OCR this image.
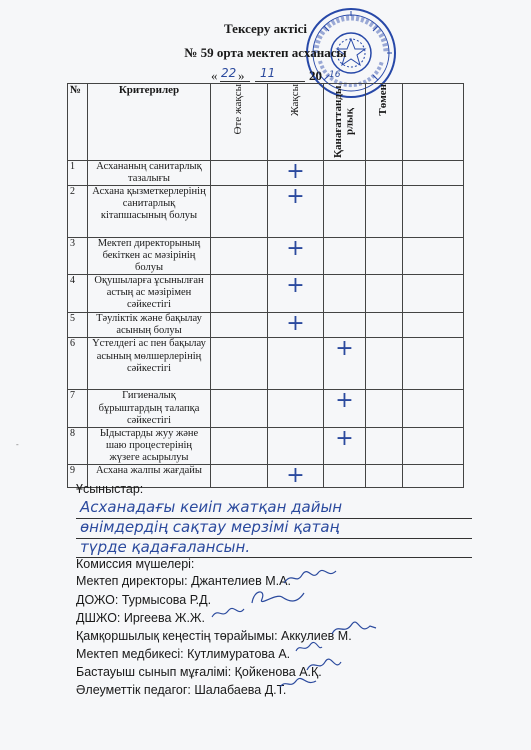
Тексеру актісі
№ 59 орта мектеп асханасы
« 22 » 11	20 16
№	Критерилер	Өте жақсы	Жақсы	Қанағаттанды рлық	Төмен	

1	Асхананың санитарлық тазалығы		+			

2	Асхана қызметкерлерінің санитарлық кітапшасының болуы		+			

3	Мектеп директорының бекіткен ас мәзірінің болуы		+			

4	Оқушыларға ұсынылған астың ас мәзірімен сәйкестігі		+			

5	Тәуліктік және бақылау асының болуы		+			

6	Үстелдегі ас пен бақылау асының мөлшерлерінің сәйкестігі			+		

7	Гигиеналық бұрыштардың талапқа сәйкестігі			+		

8	Ыдыстарды жуу және шаю процестерінің жүзеге асырылуы			+		

9	Асхана жалпы жағдайы		+			

-
Ұсыныстар:
Асханадағы кеиіп жатқан дайын
өнімдердің сақтау мерзімі қатаң
түрде қадағалансын.
Комиссия мүшелері:
Мектеп директоры: Джантелиев М.А.
ДОЖО: Турмысова Р.Д.
ДШЖО: Иргеева Ж.Ж.
Қамқоршылық кеңестің төрайымы: Аккулиев М.
Мектеп медбикесі: Кутлимуратова А.
Бастауыш сынып мұғалімі: Қойкенова А.Қ.
Әлеуметтік педагог: Шалабаева Д.Т.
